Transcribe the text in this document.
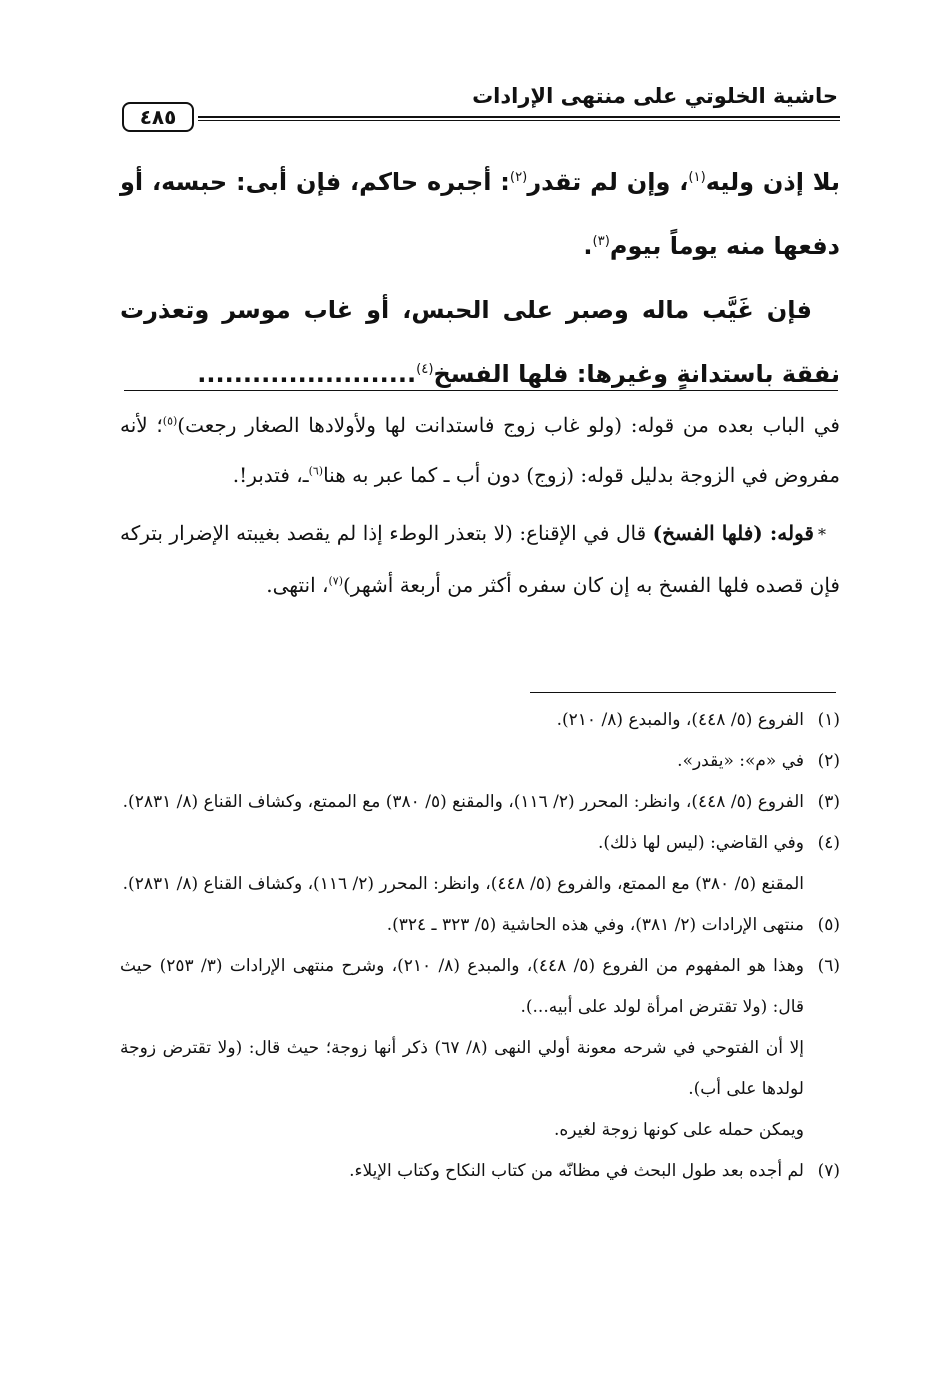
حاشية الخلوتي على منتهى الإرادات
٤٨٥

بلا إذن وليه$^{(١)}$، وإن لم تقدر$^{(٢)}$: أجبره حاكم، فإن أبى: حبسه، أو دفعها منه يوماً بيوم$^{(٣)}$.

فإن غَيَّب ماله وصبر على الحبس، أو غاب موسر وتعذرت نفقة باستدانةٍ وغيرها: فلها الفسخ$^{(٤)}$........................

في الباب بعده من قوله: (ولو غاب زوج فاستدانت لها ولأولادها الصغار رجعت)$^{(٥)}$؛ لأنه مفروض في الزوجة بدليل قوله: (زوج) دون أب ـ كما عبر به هنا$^{(٦)}$ـ، فتدبر!.

*قوله: (فلها الفسخ) قال في الإقناع: (لا بتعذر الوطء إذا لم يقصد بغيبته الإضرار بتركه فإن قصده فلها الفسخ به إن كان سفره أكثر من أربعة أشهر)$^{(٧)}$، انتهى.

(١)
الفروع (٥/ ٤٤٨)، والمبدع (٨/ ٢١٠).
(٢)
في «م»: «يقدر».
(٣)
الفروع (٥/ ٤٤٨)، وانظر: المحرر (٢/ ١١٦)، والمقنع (٥/ ٣٨٠) مع الممتع، وكشاف القناع (٨/ ٢٨٣١).
(٤)
وفي القاضي: (ليس لها ذلك).
المقنع (٥/ ٣٨٠) مع الممتع، والفروع (٥/ ٤٤٨)، وانظر: المحرر (٢/ ١١٦)، وكشاف القناع (٨/ ٢٨٣١).
(٥)
منتهى الإرادات (٢/ ٣٨١)، وفي هذه الحاشية (٥/ ٣٢٣ ـ ٣٢٤).
(٦)
وهذا هو المفهوم من الفروع (٥/ ٤٤٨)، والمبدع (٨/ ٢١٠)، وشرح منتهى الإرادات (٣/ ٢٥٣) حيث قال: (ولا تقترض امرأة لولد على أبيه...).
إلا أن الفتوحي في شرحه معونة أولي النهى (٨/ ٦٧) ذكر أنها زوجة؛ حيث قال: (ولا تقترض زوجة لولدها على أب).
ويمكن حمله على كونها زوجة لغيره.
(٧)
لم أجده بعد طول البحث في مظانّه من كتاب النكاح وكتاب الإيلاء.
